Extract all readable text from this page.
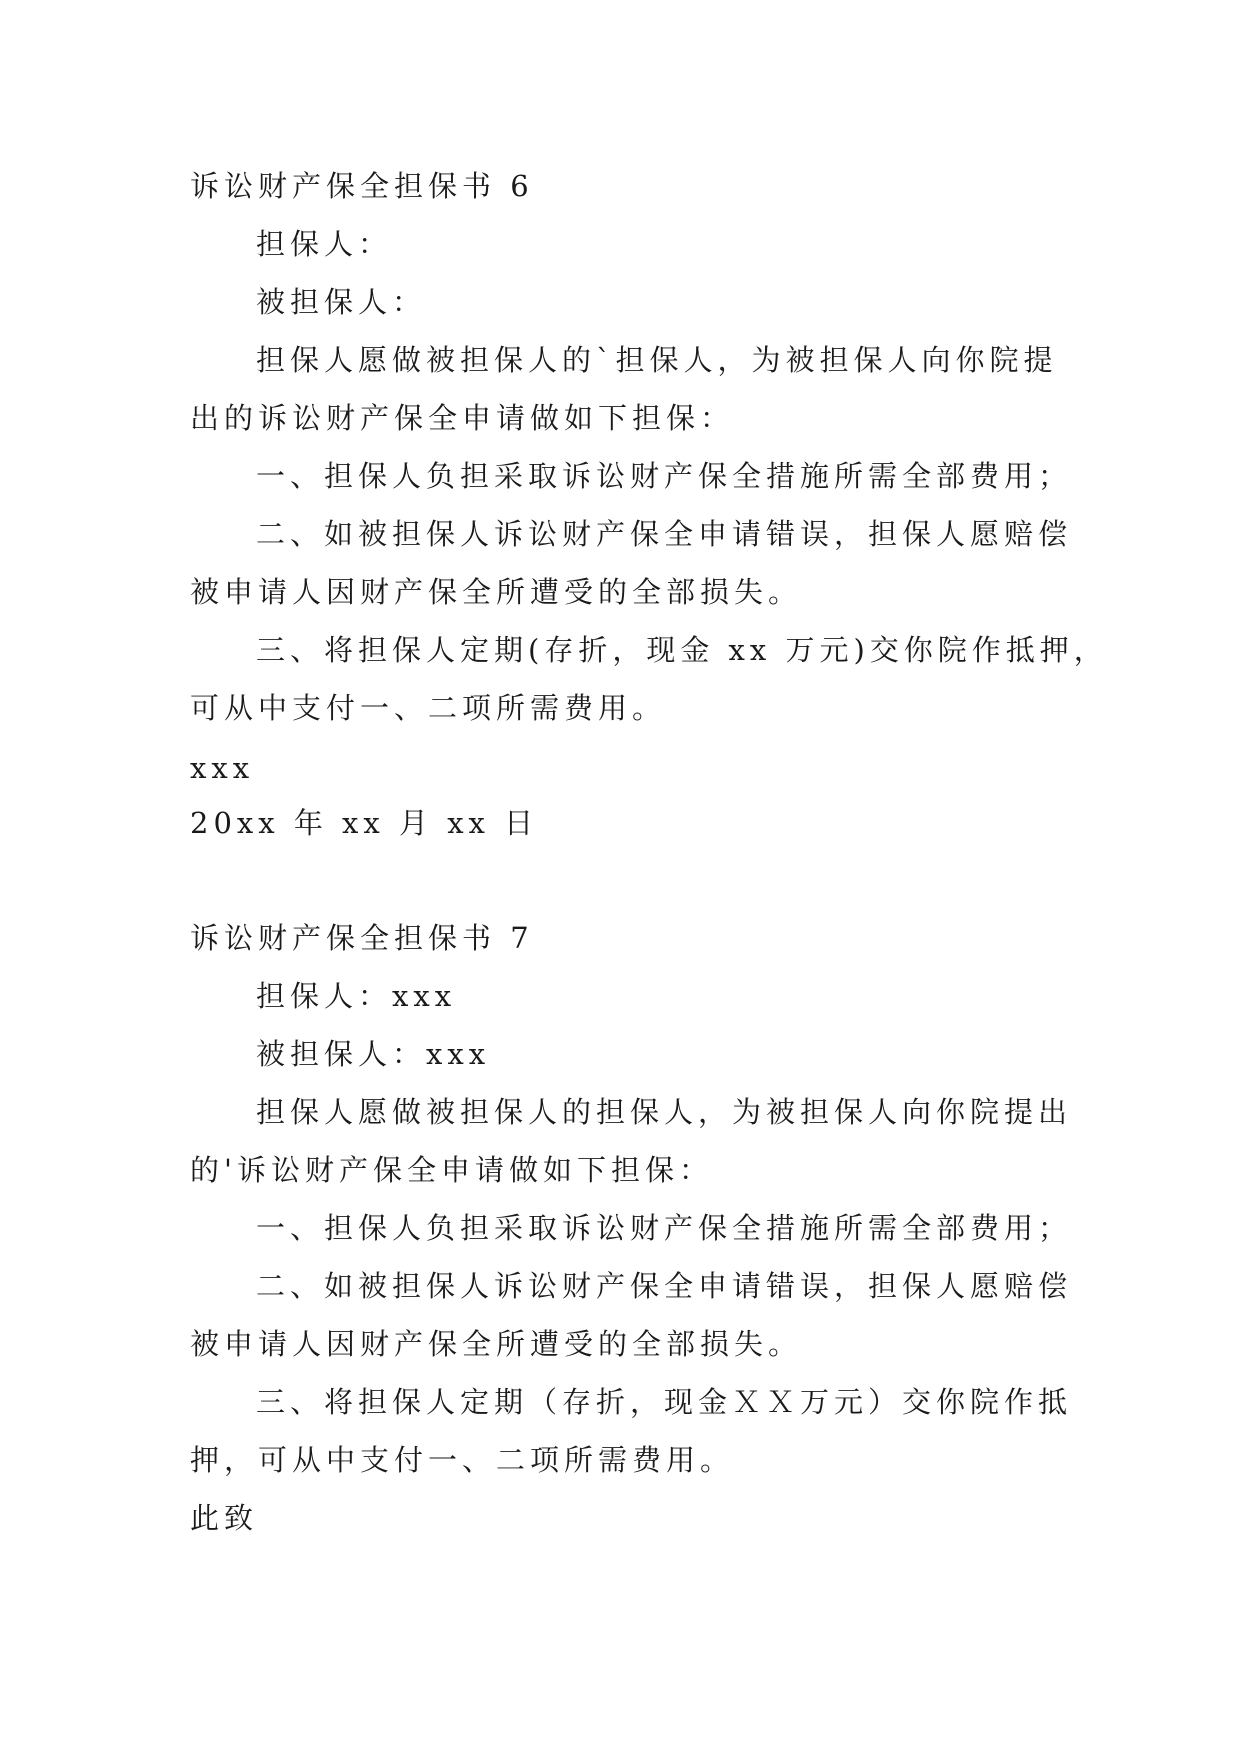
诉讼财产保全担保书 6
担保人：
被担保人：
担保人愿做被担保人的`担保人，为被担保人向你院提
出的诉讼财产保全申请做如下担保：
一、担保人负担采取诉讼财产保全措施所需全部费用；
二、如被担保人诉讼财产保全申请错误，担保人愿赔偿
被申请人因财产保全所遭受的全部损失。
三、将担保人定期(存折，现金 xx 万元)交你院作抵押，
可从中支付一、二项所需费用。
xxx
20xx 年 xx 月 xx 日
诉讼财产保全担保书 7
担保人：xxx
被担保人：xxx
担保人愿做被担保人的担保人，为被担保人向你院提出
的'诉讼财产保全申请做如下担保：
一、担保人负担采取诉讼财产保全措施所需全部费用；
二、如被担保人诉讼财产保全申请错误，担保人愿赔偿
被申请人因财产保全所遭受的全部损失。
三、将担保人定期（存折，现金ＸＸ万元）交你院作抵
押，可从中支付一、二项所需费用。
此致
